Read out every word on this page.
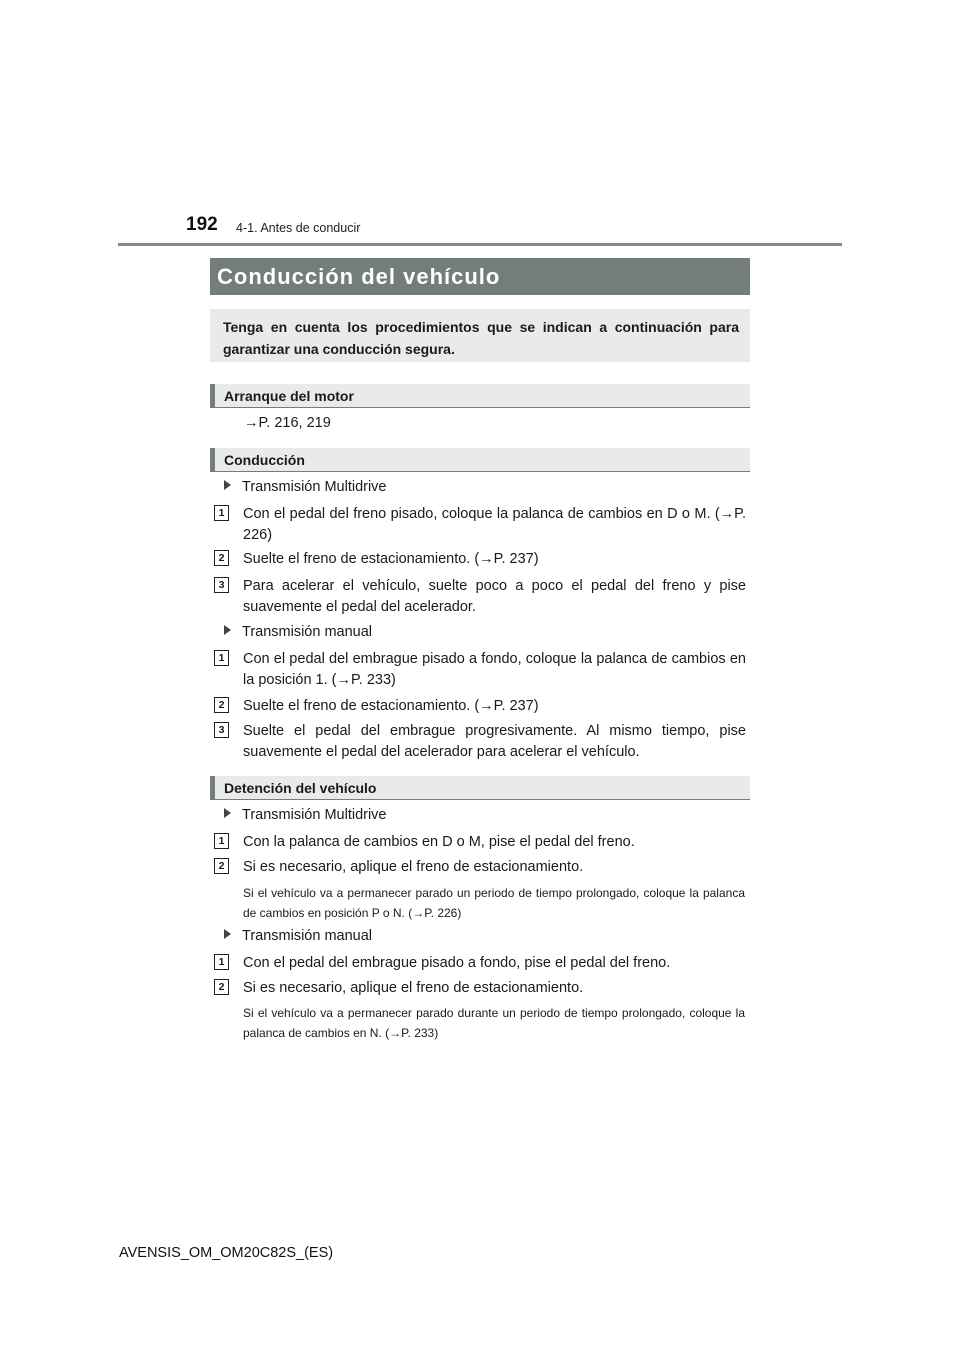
192 4-1. Antes de conducir
Conducción del vehículo
Tenga en cuenta los procedimientos que se indican a continuación para garantizar una conducción segura.
Arranque del motor
→P. 216, 219
Conducción
Transmisión Multidrive
1	Con el pedal del freno pisado, coloque la palanca de cambios en D o M. (→P. 226)
2	Suelte el freno de estacionamiento. (→P. 237)
3	Para acelerar el vehículo, suelte poco a poco el pedal del freno y pise suavemente el pedal del acelerador.
Transmisión manual
1	Con el pedal del embrague pisado a fondo, coloque la palanca de cambios en la posición 1. (→P. 233)
2	Suelte el freno de estacionamiento. (→P. 237)
3	Suelte el pedal del embrague progresivamente. Al mismo tiempo, pise suavemente el pedal del acelerador para acelerar el vehículo.
Detención del vehículo
Transmisión Multidrive
1	Con la palanca de cambios en D o M, pise el pedal del freno.
2	Si es necesario, aplique el freno de estacionamiento.
Si el vehículo va a permanecer parado un periodo de tiempo prolongado, coloque la palanca de cambios en posición P o N. (→P. 226)
Transmisión manual
1	Con el pedal del embrague pisado a fondo, pise el pedal del freno.
2	Si es necesario, aplique el freno de estacionamiento.
Si el vehículo va a permanecer parado durante un periodo de tiempo prolongado, coloque la palanca de cambios en N. (→P. 233)
AVENSIS_OM_OM20C82S_(ES)
